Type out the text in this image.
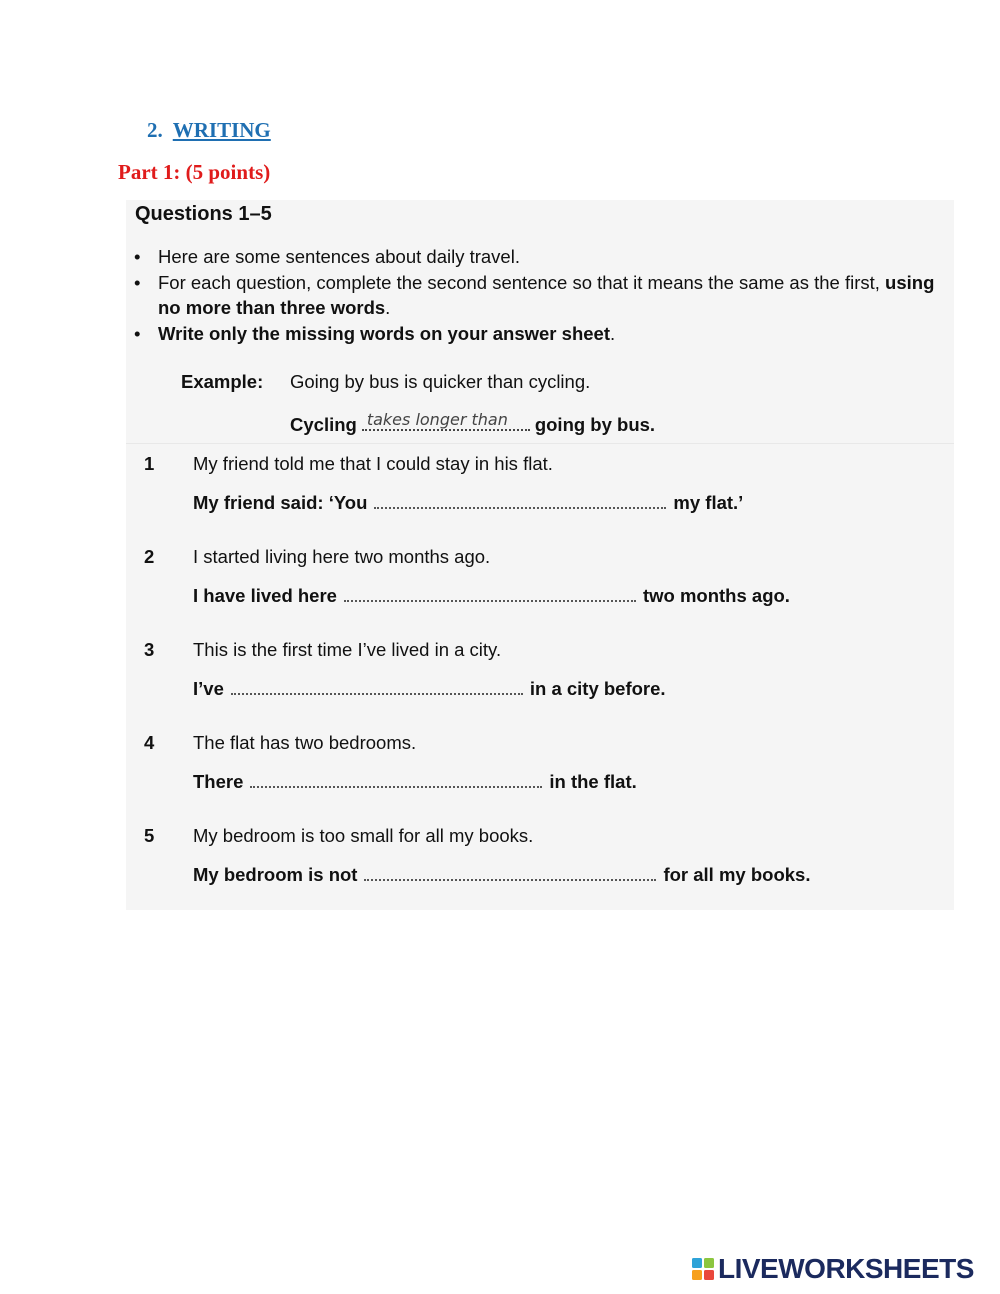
2. WRITING
Part 1: (5 points)
Questions 1–5
• Here are some sentences about daily travel.
• For each question, complete the second sentence so that it means the same as the first, using no more than three words.
• Write only the missing words on your answer sheet.
Example: Going by bus is quicker than cycling.
Cycling takes longer than going by bus.
1 My friend told me that I could stay in his flat.
My friend said: ‘You	my flat.’
2 I started living here two months ago.
I have lived here	two months ago.
3 This is the first time I’ve lived in a city.
I’ve	in a city before.
4 The flat has two bedrooms.
There	in the flat.
5 My bedroom is too small for all my books.
My bedroom is not	for all my books.
LIVEWORKSHEETS
